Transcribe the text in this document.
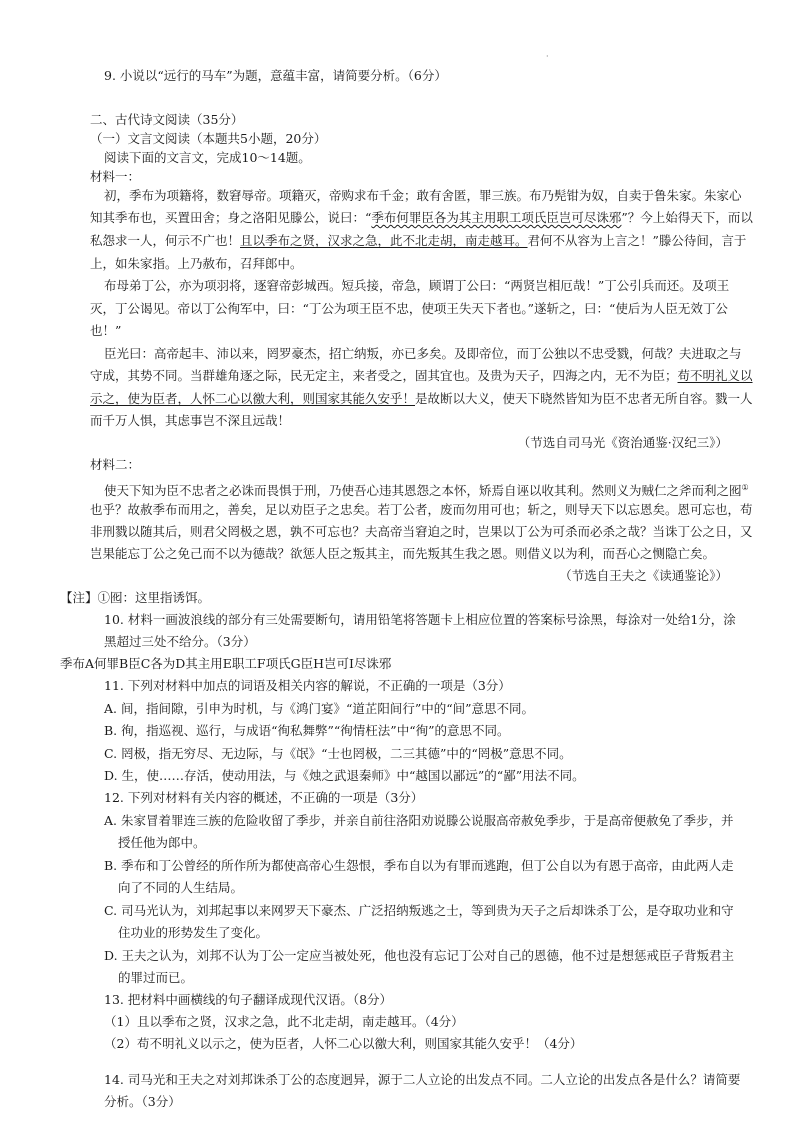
·
9. 小说以“远行的马车”为题，意蕴丰富，请简要分析。（6分）
二、古代诗文阅读（35分）
（一）文言文阅读（本题共5小题，20分）
阅读下面的文言文，完成10～14题。
材料一：
初，季布为项籍将，数窘辱帝。项籍灭，帝购求布千金；敢有舍匿，罪三族。布乃髡钳为奴，自卖于鲁朱家。朱家心
知其季布也，买置田舍；身之洛阳见滕公，说曰：“季布何罪臣各为其主用职工项氏臣岂可尽诛邪”？今上始得天下，而以
私怨求一人，何示不广也！且以季布之贤，汉求之急，此不北走胡，南走越耳。君何不从容为上言之！”滕公待间，言于
上，如朱家指。上乃赦布，召拜郎中。
布母弟丁公，亦为项羽将，逐窘帝彭城西。短兵接，帝急，顾谓丁公曰：“两贤岂相厄哉！”丁公引兵而还。及项王
灭，丁公谒见。帝以丁公徇军中，曰：“丁公为项王臣不忠，使项王失天下者也。”遂斩之，曰：“使后为人臣无效丁公
也！”
臣光曰：高帝起丰、沛以来，罔罗豪杰，招亡纳叛，亦已多矣。及即帝位，而丁公独以不忠受戮，何哉？夫进取之与
守成，其势不同。当群雄角逐之际，民无定主，来者受之，固其宜也。及贵为天子，四海之内，无不为臣；苟不明礼义以
示之，使为臣者，人怀二心以徼大利，则国家其能久安乎！是故断以大义，使天下晓然皆知为臣不忠者无所自容。戮一人
而千万人惧，其虑事岂不深且远哉！
（节选自司马光《资治通鉴·汉纪三》）
材料二：
使天下知为臣不忠者之必诛而畏惧于刑，乃使吾心违其恩怨之本怀，矫焉自诬以收其利。然则义为贼仁之斧而利之囮①
也乎？故赦季布而用之，善矣，足以劝臣子之忠矣。若丁公者，废而勿用可也；斩之，则导天下以忘恩矣。恩可忘也，苟
非刑戮以随其后，则君父罔极之恩，孰不可忘也？夫高帝当窘迫之时，岂果以丁公为可杀而必杀之哉？当诛丁公之日，又
岂果能忘丁公之免己而不以为德哉？欲惩人臣之叛其主，而先叛其生我之恩。则借义以为利，而吾心之恻隐亡矣。
（节选自王夫之《读通鉴论》）
【注】①囮：这里指诱饵。
10. 材料一画波浪线的部分有三处需要断句，请用铅笔将答题卡上相应位置的答案标号涂黑，每涂对一处给1分，涂
黑超过三处不给分。（3分）
季布A何罪B臣C各为D其主用E职工F项氏G臣H岂可I尽诛邪
11. 下列对材料中加点的词语及相关内容的解说，不正确的一项是（3分）
A. 间，指间隙，引申为时机，与《鸿门宴》“道芷阳间行”中的“间”意思不同。
B. 徇，指巡视、巡行，与成语“徇私舞弊”“徇情枉法”中“徇”的意思不同。
C. 罔极，指无穷尽、无边际，与《氓》“士也罔极，二三其德”中的“罔极”意思不同。
D. 生，使……存活，使动用法，与《烛之武退秦师》中“越国以鄙远”的“鄙”用法不同。
12. 下列对材料有关内容的概述，不正确的一项是（3分）
A. 朱家冒着罪连三族的危险收留了季步，并亲自前往洛阳劝说滕公说服高帝赦免季步，于是高帝便赦免了季步，并
授任他为郎中。
B. 季布和丁公曾经的所作所为都使高帝心生怨恨，季布自以为有罪而逃跑，但丁公自以为有恩于高帝，由此两人走
向了不同的人生结局。
C. 司马光认为，刘邦起事以来网罗天下豪杰、广泛招纳叛逃之士，等到贵为天子之后却诛杀丁公，是夺取功业和守
住功业的形势发生了变化。
D. 王夫之认为，刘邦不认为丁公一定应当被处死，他也没有忘记丁公对自己的恩德，他不过是想惩戒臣子背叛君主
的罪过而已。
13. 把材料中画横线的句子翻译成现代汉语。（8分）
（1）且以季布之贤，汉求之急，此不北走胡，南走越耳。（4分）
（2）苟不明礼义以示之，使为臣者，人怀二心以徼大利，则国家其能久安乎！（4分）
14. 司马光和王夫之对刘邦诛杀丁公的态度迥异，源于二人立论的出发点不同。二人立论的出发点各是什么？请简要
分析。（3分）
